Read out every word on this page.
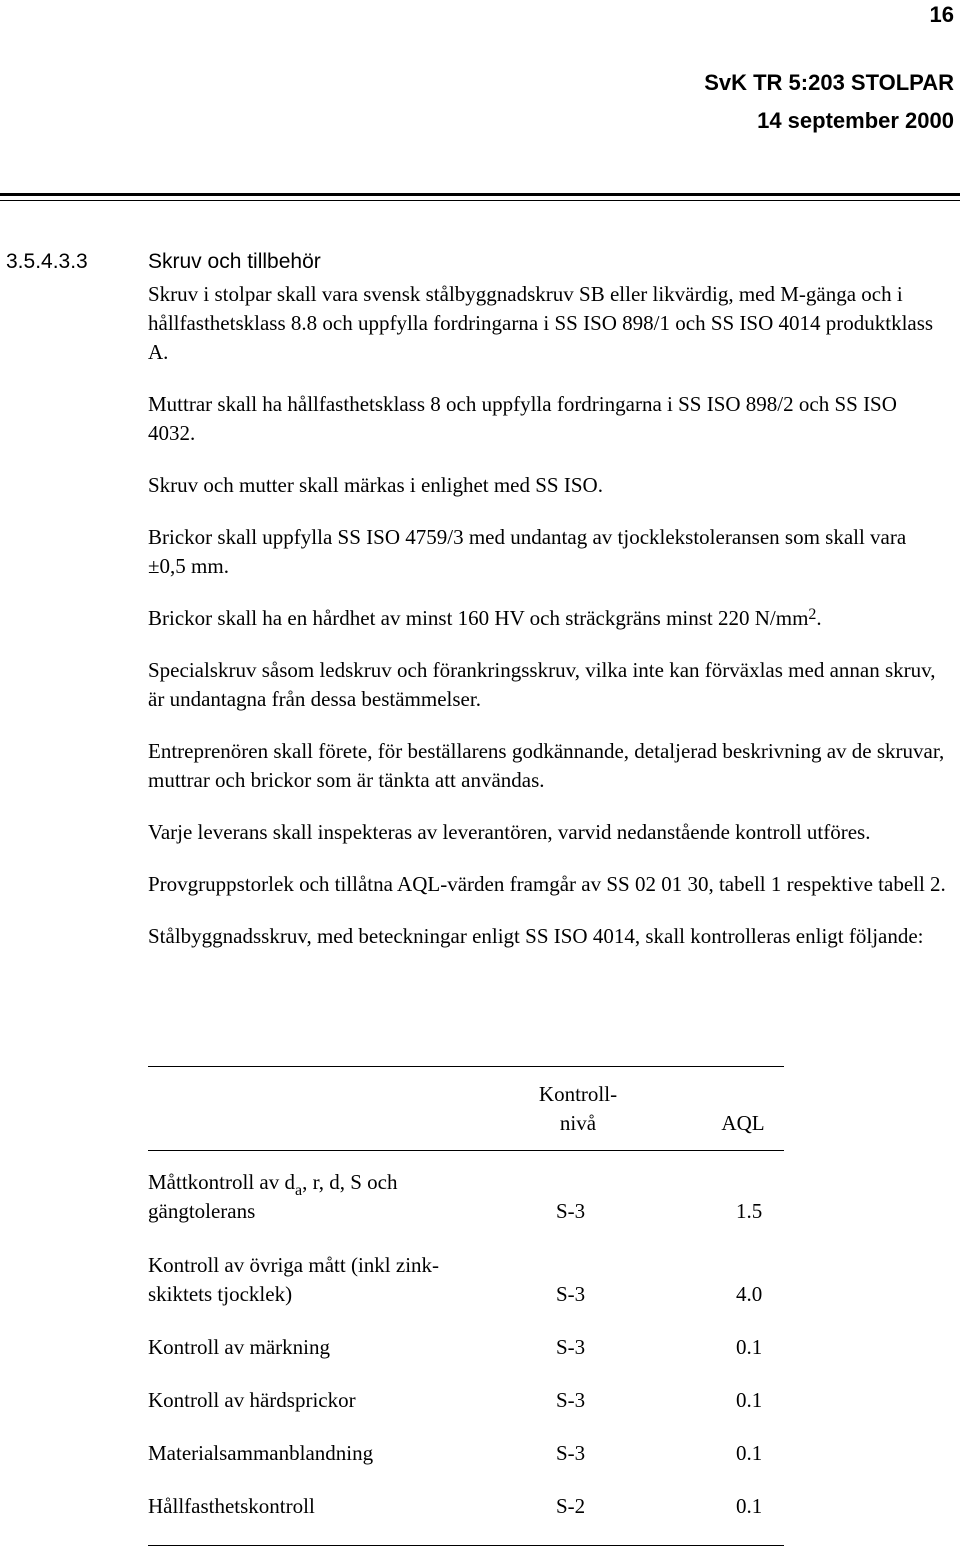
16
SvK TR 5:203 STOLPAR
14 september 2000
3.5.4.3.3	Skruv och tillbehör

Skruv i stolpar skall vara svensk stålbyggnadskruv SB eller likvärdig, med M-gänga och i hållfasthetsklass 8.8 och uppfylla fordringarna i SS ISO 898/1 och SS ISO 4014 produktklass A.

Muttrar skall ha hållfasthetsklass 8 och uppfylla fordringarna i SS ISO 898/2 och SS ISO 4032.

Skruv och mutter skall märkas i enlighet med SS ISO.

Brickor skall uppfylla SS ISO 4759/3 med undantag av tjocklekstoleransen som skall vara ±0,5 mm.

Brickor skall ha en hårdhet av minst 160 HV och sträckgräns minst 220 $N/mm^2$.

Specialskruv såsom ledskruv och förankringsskruv, vilka inte kan förväxlas med annan skruv, är undantagna från dessa bestämmelser.

Entreprenören skall förete, för beställarens godkännande, detaljerad beskrivning av de skruvar, muttrar och brickor som är tänkta att användas.

Varje leverans skall inspekteras av leverantören, varvid nedanstående kontroll utföres.

Provgruppstorlek och tillåtna AQL-värden framgår av SS 02 01 30, tabell 1 respektive tabell 2.

Stålbyggnadsskruv, med beteckningar enligt SS ISO 4014, skall kontrolleras enligt följande:

Kontroll-
nivå	AQL
Måttkontroll av $d_a$, r, d, S och
gängtolerans	S-3	1.5
Kontroll av övriga mått (inkl zink-
skiktets tjocklek)	S-3	4.0
Kontroll av märkning	S-3	0.1
Kontroll av härdsprickor	S-3	0.1
Materialsammanblandning	S-3	0.1
Hållfasthetskontroll	S-2	0.1
